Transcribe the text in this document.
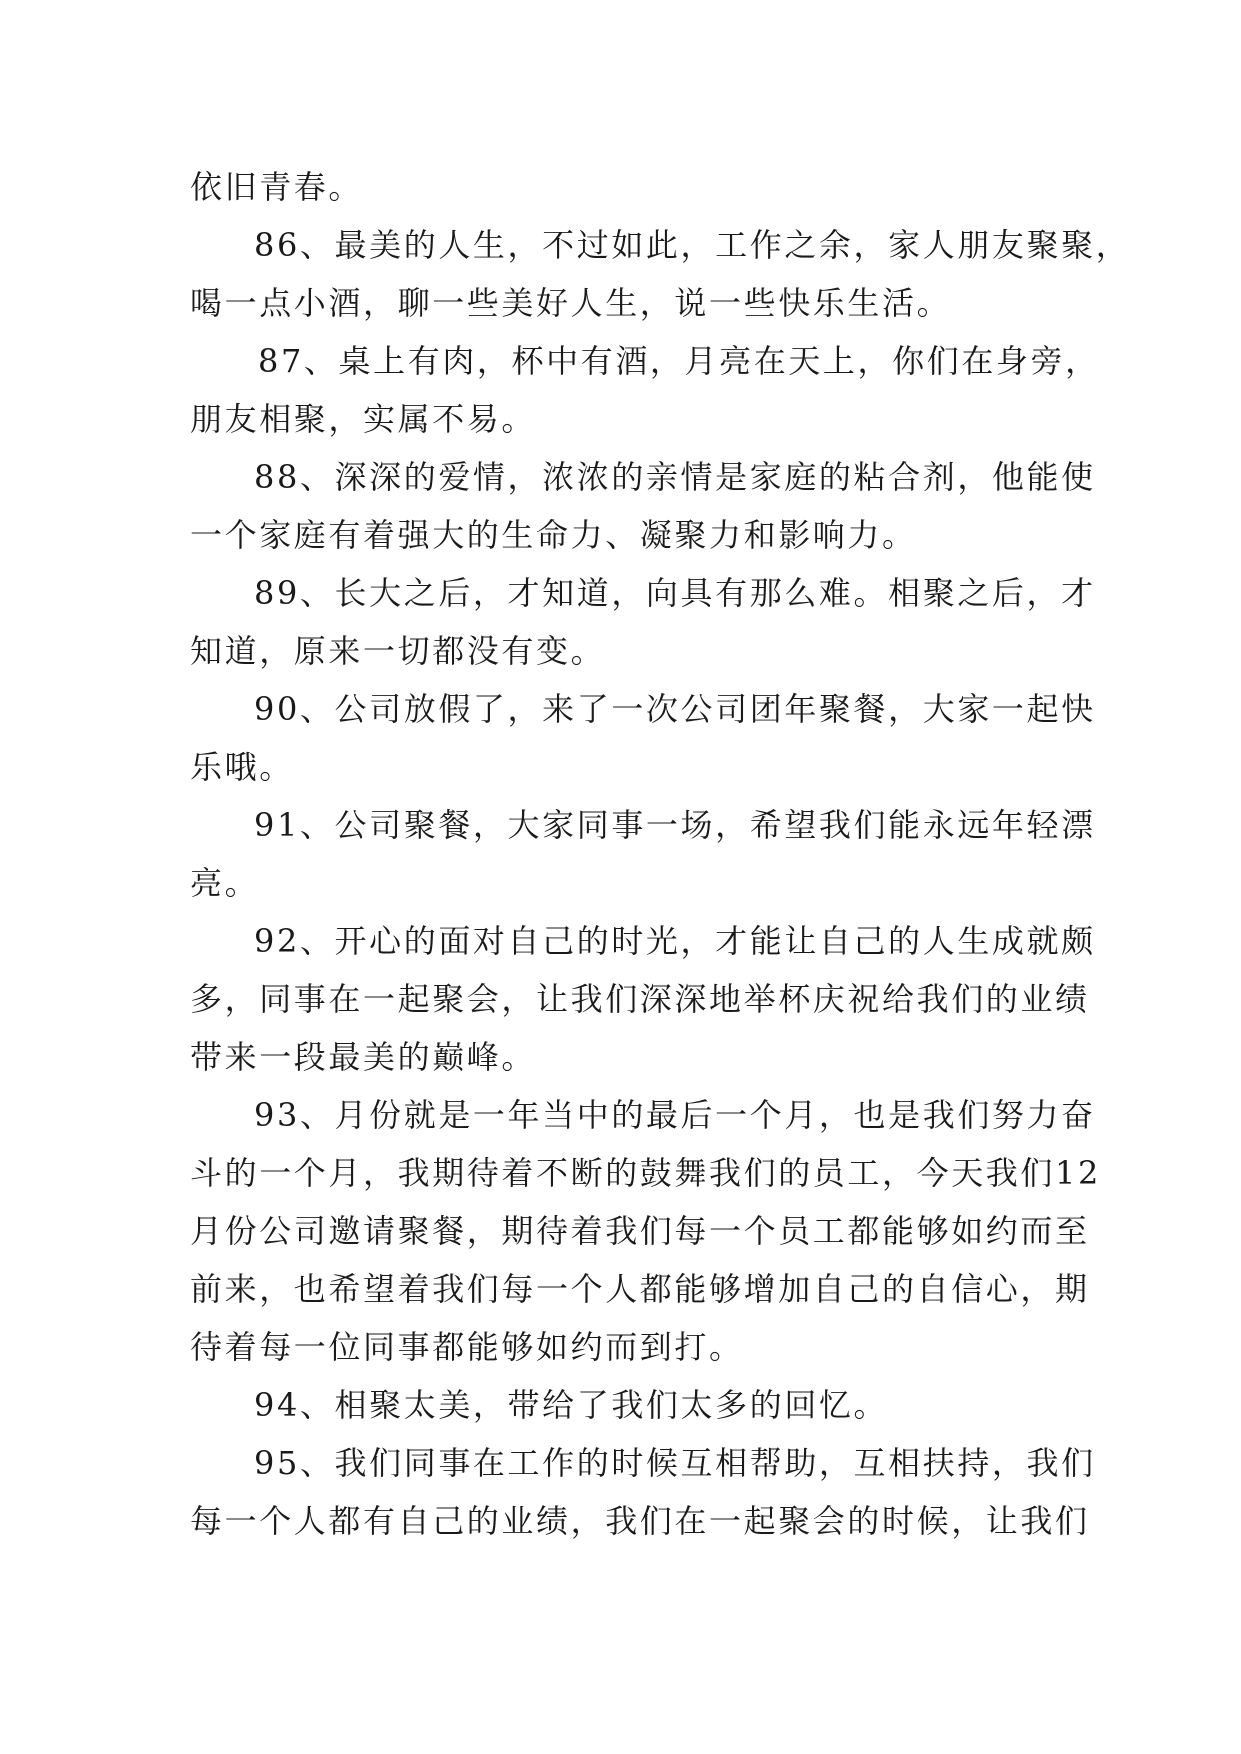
依旧青春。
86、最美的人生，不过如此，工作之余，家人朋友聚聚，
喝一点小酒，聊一些美好人生，说一些快乐生活。
87、桌上有肉，杯中有酒，月亮在天上，你们在身旁，
朋友相聚，实属不易。
88、深深的爱情，浓浓的亲情是家庭的粘合剂，他能使
一个家庭有着强大的生命力、凝聚力和影响力。
89、长大之后，才知道，向具有那么难。相聚之后，才
知道，原来一切都没有变。
90、公司放假了，来了一次公司团年聚餐，大家一起快
乐哦。
91、公司聚餐，大家同事一场，希望我们能永远年轻漂
亮。
92、开心的面对自己的时光，才能让自己的人生成就颇
多，同事在一起聚会，让我们深深地举杯庆祝给我们的业绩
带来一段最美的巅峰。
93、月份就是一年当中的最后一个月，也是我们努力奋
斗的一个月，我期待着不断的鼓舞我们的员工，今天我们12
月份公司邀请聚餐，期待着我们每一个员工都能够如约而至
前来，也希望着我们每一个人都能够增加自己的自信心，期
待着每一位同事都能够如约而到打。
94、相聚太美，带给了我们太多的回忆。
95、我们同事在工作的时候互相帮助，互相扶持，我们
每一个人都有自己的业绩，我们在一起聚会的时候，让我们
